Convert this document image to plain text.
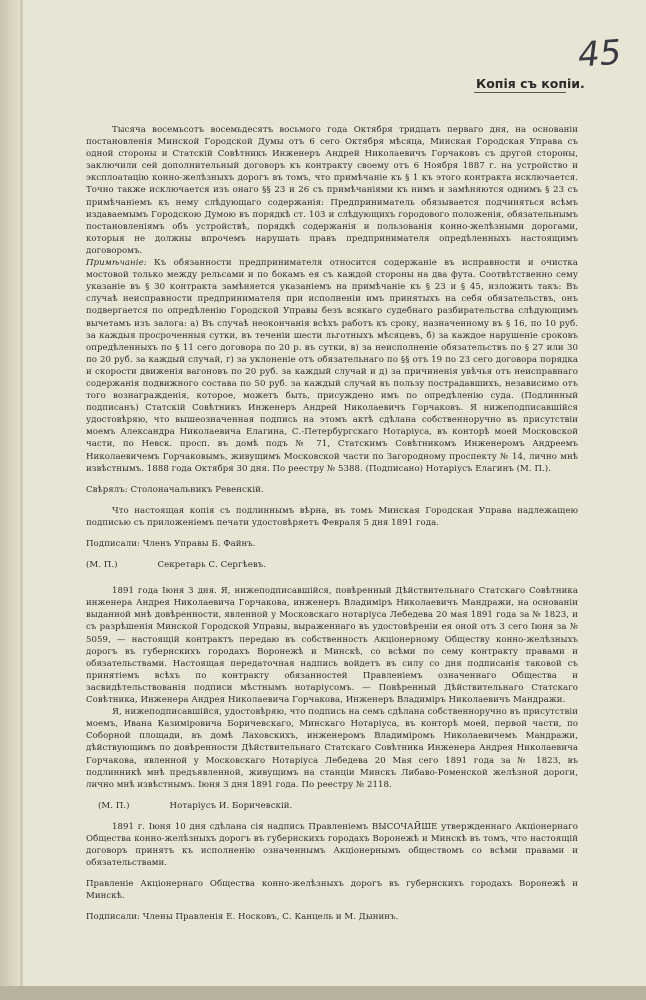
45
Копія съ копіи.

Тысяча восемьсотъ восемьдесятъ восьмого года Октября тридцать перваго дня, на основаніи постановленія Минской Городской Думы отъ 6 сего Октября мѣсяца, Минская Городская Управа съ одной стороны и Статскій Совѣтникъ Инженеръ Андрей Николаевичъ Горчаковъ съ другой стороны, заключили сей дополнительный договоръ къ контракту своему отъ 6 Ноября 1887 г. на устройство и эксплоатацію конно-желѣзныхъ дорогъ въ томъ, что примѣчаніе къ § 1 къ этого контракта исключается. Точно также исключается изъ онаго §§ 23 и 26 съ примѣчаніями къ нимъ и замѣняются однимъ § 23 съ примѣчаніемъ къ нему слѣдующаго содержанія: Предприниматель обязывается подчиняться всѣмъ издаваемымъ Городскою Думою въ порядкѣ ст. 103 и слѣдующихъ городового положенія, обязательнымъ постановленіямъ объ устройствѣ, порядкѣ содержанія и пользованія конно-желѣзными дорогами, которыя не должны впрочемъ нарушать правъ предпринимателя опредѣленныхъ настоящимъ договоромъ.

Примѣчаніе: Къ обязанности предпринимателя относится содержаніе въ исправности и очистка мостовой только между рельсами и по бокамъ ея съ каждой стороны на два фута. Соотвѣтственно сему указаніе въ § 30 контракта замѣняется указаніемъ на примѣчаніе къ § 23 и § 45, изложить такъ: Въ случаѣ неисправности предпринимателя при исполненіи имъ принятыхъ на себя обязательствъ, онъ подвергается по опредѣленію Городской Управы безъ всякаго судебнаго разбирательства слѣдующимъ вычетамъ изъ залога: а) Въ случаѣ неокончанія всѣхъ работъ къ сроку, назначенному въ § 16, по 10 руб. за каждыя просроченныя сутки, въ теченіи шести льготныхъ мѣсяцевъ, б) за каждое нарушеніе сроковъ опредѣленныхъ по § 11 сего договора по 20 р. въ сутки, в) за неисполненіе обязательствъ по § 27 или 30 по 20 руб. за каждый случай, г) за уклоненіе отъ обязательнаго по §§ отъ 19 по 23 сего договора порядка и скорости движенія вагоновъ по 20 руб. за каждый случай и д) за причиненія увѣчья отъ неисправнаго содержанія подвижного состава по 50 руб. за каждый случай въ пользу пострадавшихъ, независимо отъ того вознагражденія, которое, можетъ быть, присуждено имъ по опредѣленію суда. (Подлинный подписанъ) Статскій Совѣтникъ Инженеръ Андрей Николаевичъ Горчаковъ. Я нижеподписавшійся удостовѣряю, что вышеозначенная подпись на этомъ актѣ сдѣлана собственноручно въ присутствіи моемъ Александра Николаевича Елагина, С.-Петербургскаго Нотаріуса, въ конторѣ моей Московской части, по Невск. просп. въ домѣ подъ № 71, Статскимъ Совѣтникомъ Инженеромъ Андреемъ Николаевичемъ Горчаковымъ, живущимъ Московской части по Загородному проспекту № 14, лично мнѣ извѣстнымъ. 1888 года Октября 30 дня. По реестру № 5388. (Подписано) Нотаріусъ Елагинъ (М. П.).

Свѣрялъ: Столоначальникъ Ревенскій.

Что настоящая копія съ подлиннымъ вѣрна, въ томъ Минская Городская Управа надлежащею подписью съ приложеніемъ печати удостовѣряетъ Февраля 5 дня 1891 года.

Подписали: Членъ Управы Б. Файнъ.

(М. П.)	Секретарь С. Сергѣевъ.

1891 года Іюня 3 дня. Я, нижеподписавшійся, повѣренный Дѣйствительнаго Статскаго Совѣтника инженера Андрея Николаевича Горчакова, инженеръ Владиміръ Николаевичъ Мандражи, на основаніи выданной мнѣ довѣренности, явленной у Московскаго нотаріуса Лебедева 20 мая 1891 года за № 1823, и съ разрѣшенія Минской Городской Управы, выраженнаго въ удостовѣреніи ея оной отъ 3 сего Іюня за № 5059, — настоящій контрактъ передаю въ собственность Акціонерному Обществу конно-желѣзныхъ дорогъ въ губернскихъ городахъ Воронежѣ и Минскѣ, со всѣми по сему контракту правами и обязательствами. Настоящая передаточная надпись войдетъ въ силу со дня подписанія таковой съ принятіемъ всѣхъ по контракту обязанностей Правленіемъ означеннаго Общества и засвидѣтельствованія подписи мѣстнымъ нотаріусомъ. — Повѣренный Дѣйствительнаго Статскаго Совѣтника, Инженера Андрея Николаевича Горчакова, Инженеръ Владиміръ Николаевичъ Мандражи.

Я, нижеподписавшійся, удостовѣряю, что подпись на семъ сдѣлана собственноручно въ присутствіи моемъ, Ивана Казиміровича Боричевскаго, Минскаго Нотаріуса, въ конторѣ моей, первой части, по Соборной площади, въ домѣ Лаховскихъ, инженеромъ Владиміромъ Николаевичемъ Мандражи, дѣйствующимъ по довѣренности Дѣйствительнаго Статскаго Совѣтника Инженера Андрея Николаевича Горчакова, явленной у Московскаго Нотаріуса Лебедева 20 Мая сего 1891 года за № 1823, въ подлинникѣ мнѣ предъявленной, живущимъ на станціи Минскъ Либаво-Роменской желѣзной дороги, лично мнѣ извѣстнымъ. Іюня 3 дня 1891 года. По реестру № 2118.

(М. П.)	Нотаріусъ И. Боричевскій.

1891 г. Іюня 10 дня сдѣлана сія надпись Правленіемъ ВЫСОЧАЙШЕ утвержденнаго Акціонернаго Общества конно-желѣзныхъ дорогъ въ губернскихъ городахъ Воронежѣ и Минскѣ въ томъ, что настоящій договоръ принятъ къ исполненію означеннымъ Акціонернымъ обществомъ со всѣми правами и обязательствами.

Правленіе Акціонернаго Общества конно-желѣзныхъ дорогъ въ губернскихъ городахъ Воронежѣ и Минскѣ.

Подписали: Члены Правленія Е. Носковъ, С. Канцель и М. Дынинъ.
